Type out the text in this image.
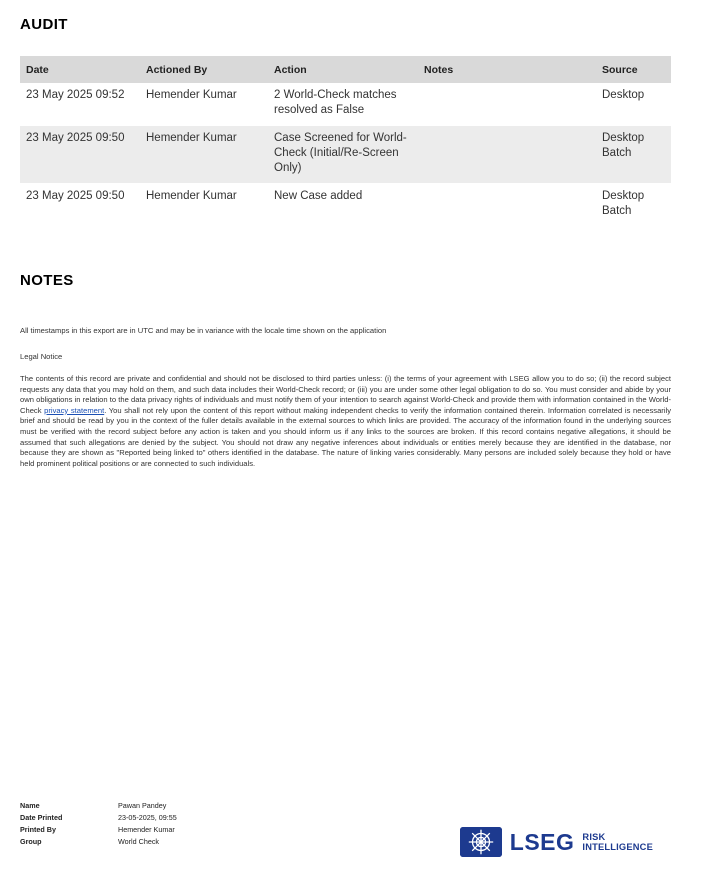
AUDIT
Date	Actioned By	Action	Notes	Source
23 May 2025 09:52	Hemender Kumar	2 World-Check matches resolved as False		Desktop
23 May 2025 09:50	Hemender Kumar	Case Screened for World-Check (Initial/Re-Screen Only)		Desktop Batch
23 May 2025 09:50	Hemender Kumar	New Case added		Desktop Batch
NOTES
All timestamps in this export are in UTC and may be in variance with the locale time shown on the application
Legal Notice
The contents of this record are private and confidential and should not be disclosed to third parties unless: (i) the terms of your agreement with LSEG allow you to do so; (ii) the record subject requests any data that you may hold on them, and such data includes their World-Check record; or (iii) you are under some other legal obligation to do so. You must consider and abide by your own obligations in relation to the data privacy rights of individuals and must notify them of your intention to search against World-Check and provide them with information contained in the World-Check privacy statement. You shall not rely upon the content of this report without making independent checks to verify the information contained therein. Information correlated is necessarily brief and should be read by you in the context of the fuller details available in the external sources to which links are provided. The accuracy of the information found in the underlying sources must be verified with the record subject before any action is taken and you should inform us if any links to the sources are broken. If this record contains negative allegations, it should be assumed that such allegations are denied by the subject. You should not draw any negative inferences about individuals or entities merely because they are identified in the database, nor because they are shown as "Reported being linked to" others identified in the database. The nature of linking varies considerably. Many persons are included solely because they hold or have held prominent political positions or are connected to such individuals.
Name	Pawan Pandey
Date Printed	23-05-2025, 09:55
Printed By	Hemender Kumar
Group	World Check	LSEG RISK
INTELLIGENCE
